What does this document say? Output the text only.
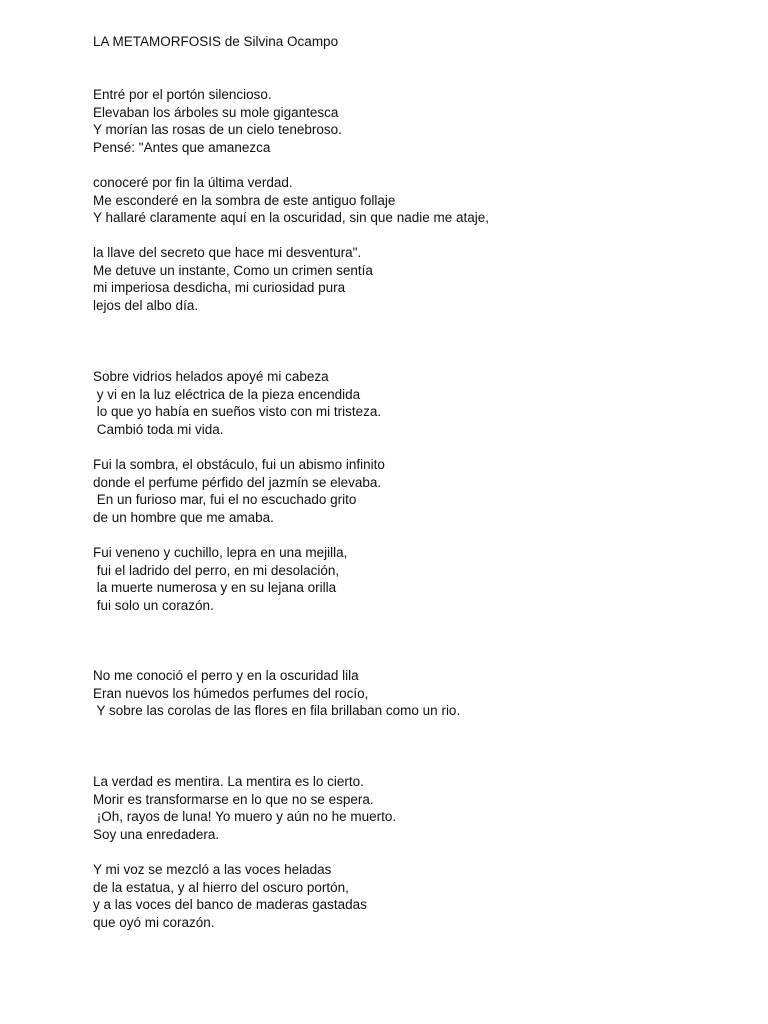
LA METAMORFOSIS de Silvina Ocampo
Entré por el portón silencioso.
Elevaban los árboles su mole gigantesca
Y morían las rosas de un cielo tenebroso.
Pensé: "Antes que amanezca
conoceré por fin la última verdad.
Me esconderé en la sombra de este antiguo follaje
Y hallaré claramente aquí en la oscuridad, sin que nadie me ataje,
la llave del secreto que hace mi desventura".
Me detuve un instante, Como un crimen sentía
mi imperiosa desdicha, mi curiosidad pura
lejos del albo día.
Sobre vidrios helados apoyé mi cabeza
y vi en la luz eléctrica de la pieza encendida
lo que yo había en sueños visto con mi tristeza.
Cambió toda mi vida.
Fui la sombra, el obstáculo, fui un abismo infinito
donde el perfume pérfido del jazmín se elevaba.
En un furioso mar, fui el no escuchado grito
de un hombre que me amaba.
Fui veneno y cuchillo, lepra en una mejilla,
fui el ladrido del perro, en mi desolación,
la muerte numerosa y en su lejana orilla
fui solo un corazón.
No me conoció el perro y en la oscuridad lila
Eran nuevos los húmedos perfumes del rocío,
Y sobre las corolas de las flores en fila brillaban como un rio.
La verdad es mentira. La mentira es lo cierto.
Morir es transformarse en lo que no se espera.
¡Oh, rayos de luna! Yo muero y aún no he muerto.
Soy una enredadera.
Y mi voz se mezcló a las voces heladas
de la estatua, y al hierro del oscuro portón,
y a las voces del banco de maderas gastadas
que oyó mi corazón.
